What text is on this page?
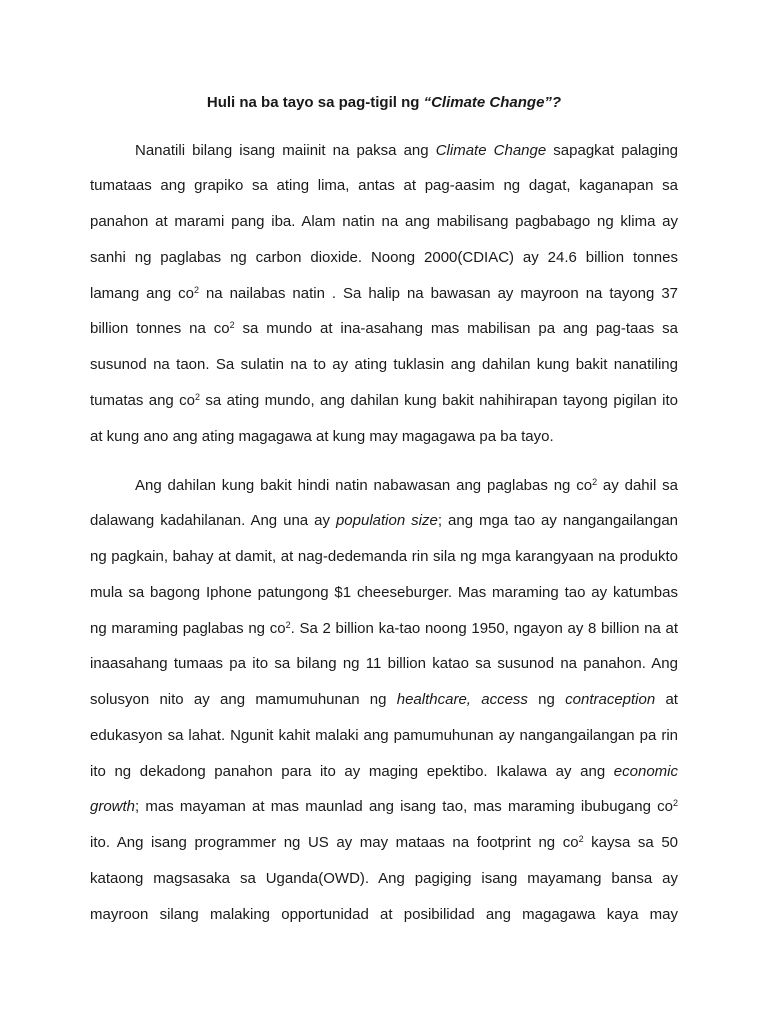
Huli na ba tayo sa pag-tigil ng “Climate Change”?

Nanatili bilang isang maiinit na paksa ang Climate Change sapagkat palaging

tumataas ang grapiko sa ating lima, antas at pag-aasim ng dagat, kaganapan sa

panahon at marami pang iba. Alam natin na ang mabilisang pagbabago ng klima ay

sanhi ng paglabas ng carbon dioxide. Noong 2000(CDIAC) ay 24.6 billion tonnes

lamang ang $co^2$ na nailabas natin . Sa halip na bawasan ay mayroon na tayong 37

billion tonnes na $co^2$ sa mundo at ina-asahang mas mabilisan pa ang pag-taas sa

susunod na taon. Sa sulatin na to ay ating tuklasin ang dahilan kung bakit nanatiling

tumatas ang $co^2$ sa ating mundo, ang dahilan kung bakit nahihirapan tayong pigilan ito

at kung ano ang ating magagawa at kung may magagawa pa ba tayo.

Ang dahilan kung bakit hindi natin nabawasan ang paglabas ng $co^2$ ay dahil sa

dalawang kadahilanan. Ang una ay population size; ang mga tao ay nangangailangan

ng pagkain, bahay at damit, at nag-dedemanda rin sila ng mga karangyaan na produkto

mula sa bagong Iphone patungong $1 cheeseburger. Mas maraming tao ay katumbas

ng maraming paglabas ng $co^2$. Sa 2 billion ka-tao noong 1950, ngayon ay 8 billion na at

inaasahang tumaas pa ito sa bilang ng 11 billion katao sa susunod na panahon. Ang

solusyon nito ay ang mamumuhunan ng healthcare, access ng contraception at

edukasyon sa lahat. Ngunit kahit malaki ang pamumuhunan ay nangangailangan pa rin

ito ng dekadong panahon para ito ay maging epektibo. Ikalawa ay ang economic

growth; mas mayaman at mas maunlad ang isang tao, mas maraming ibubugang $co^2$

ito. Ang isang programmer ng US ay may mataas na footprint ng $co^2$ kaysa sa 50

kataong magsasaka sa Uganda(OWD). Ang pagiging isang mayamang bansa ay

mayroon silang malaking opportunidad at posibilidad ang magagawa kaya may
